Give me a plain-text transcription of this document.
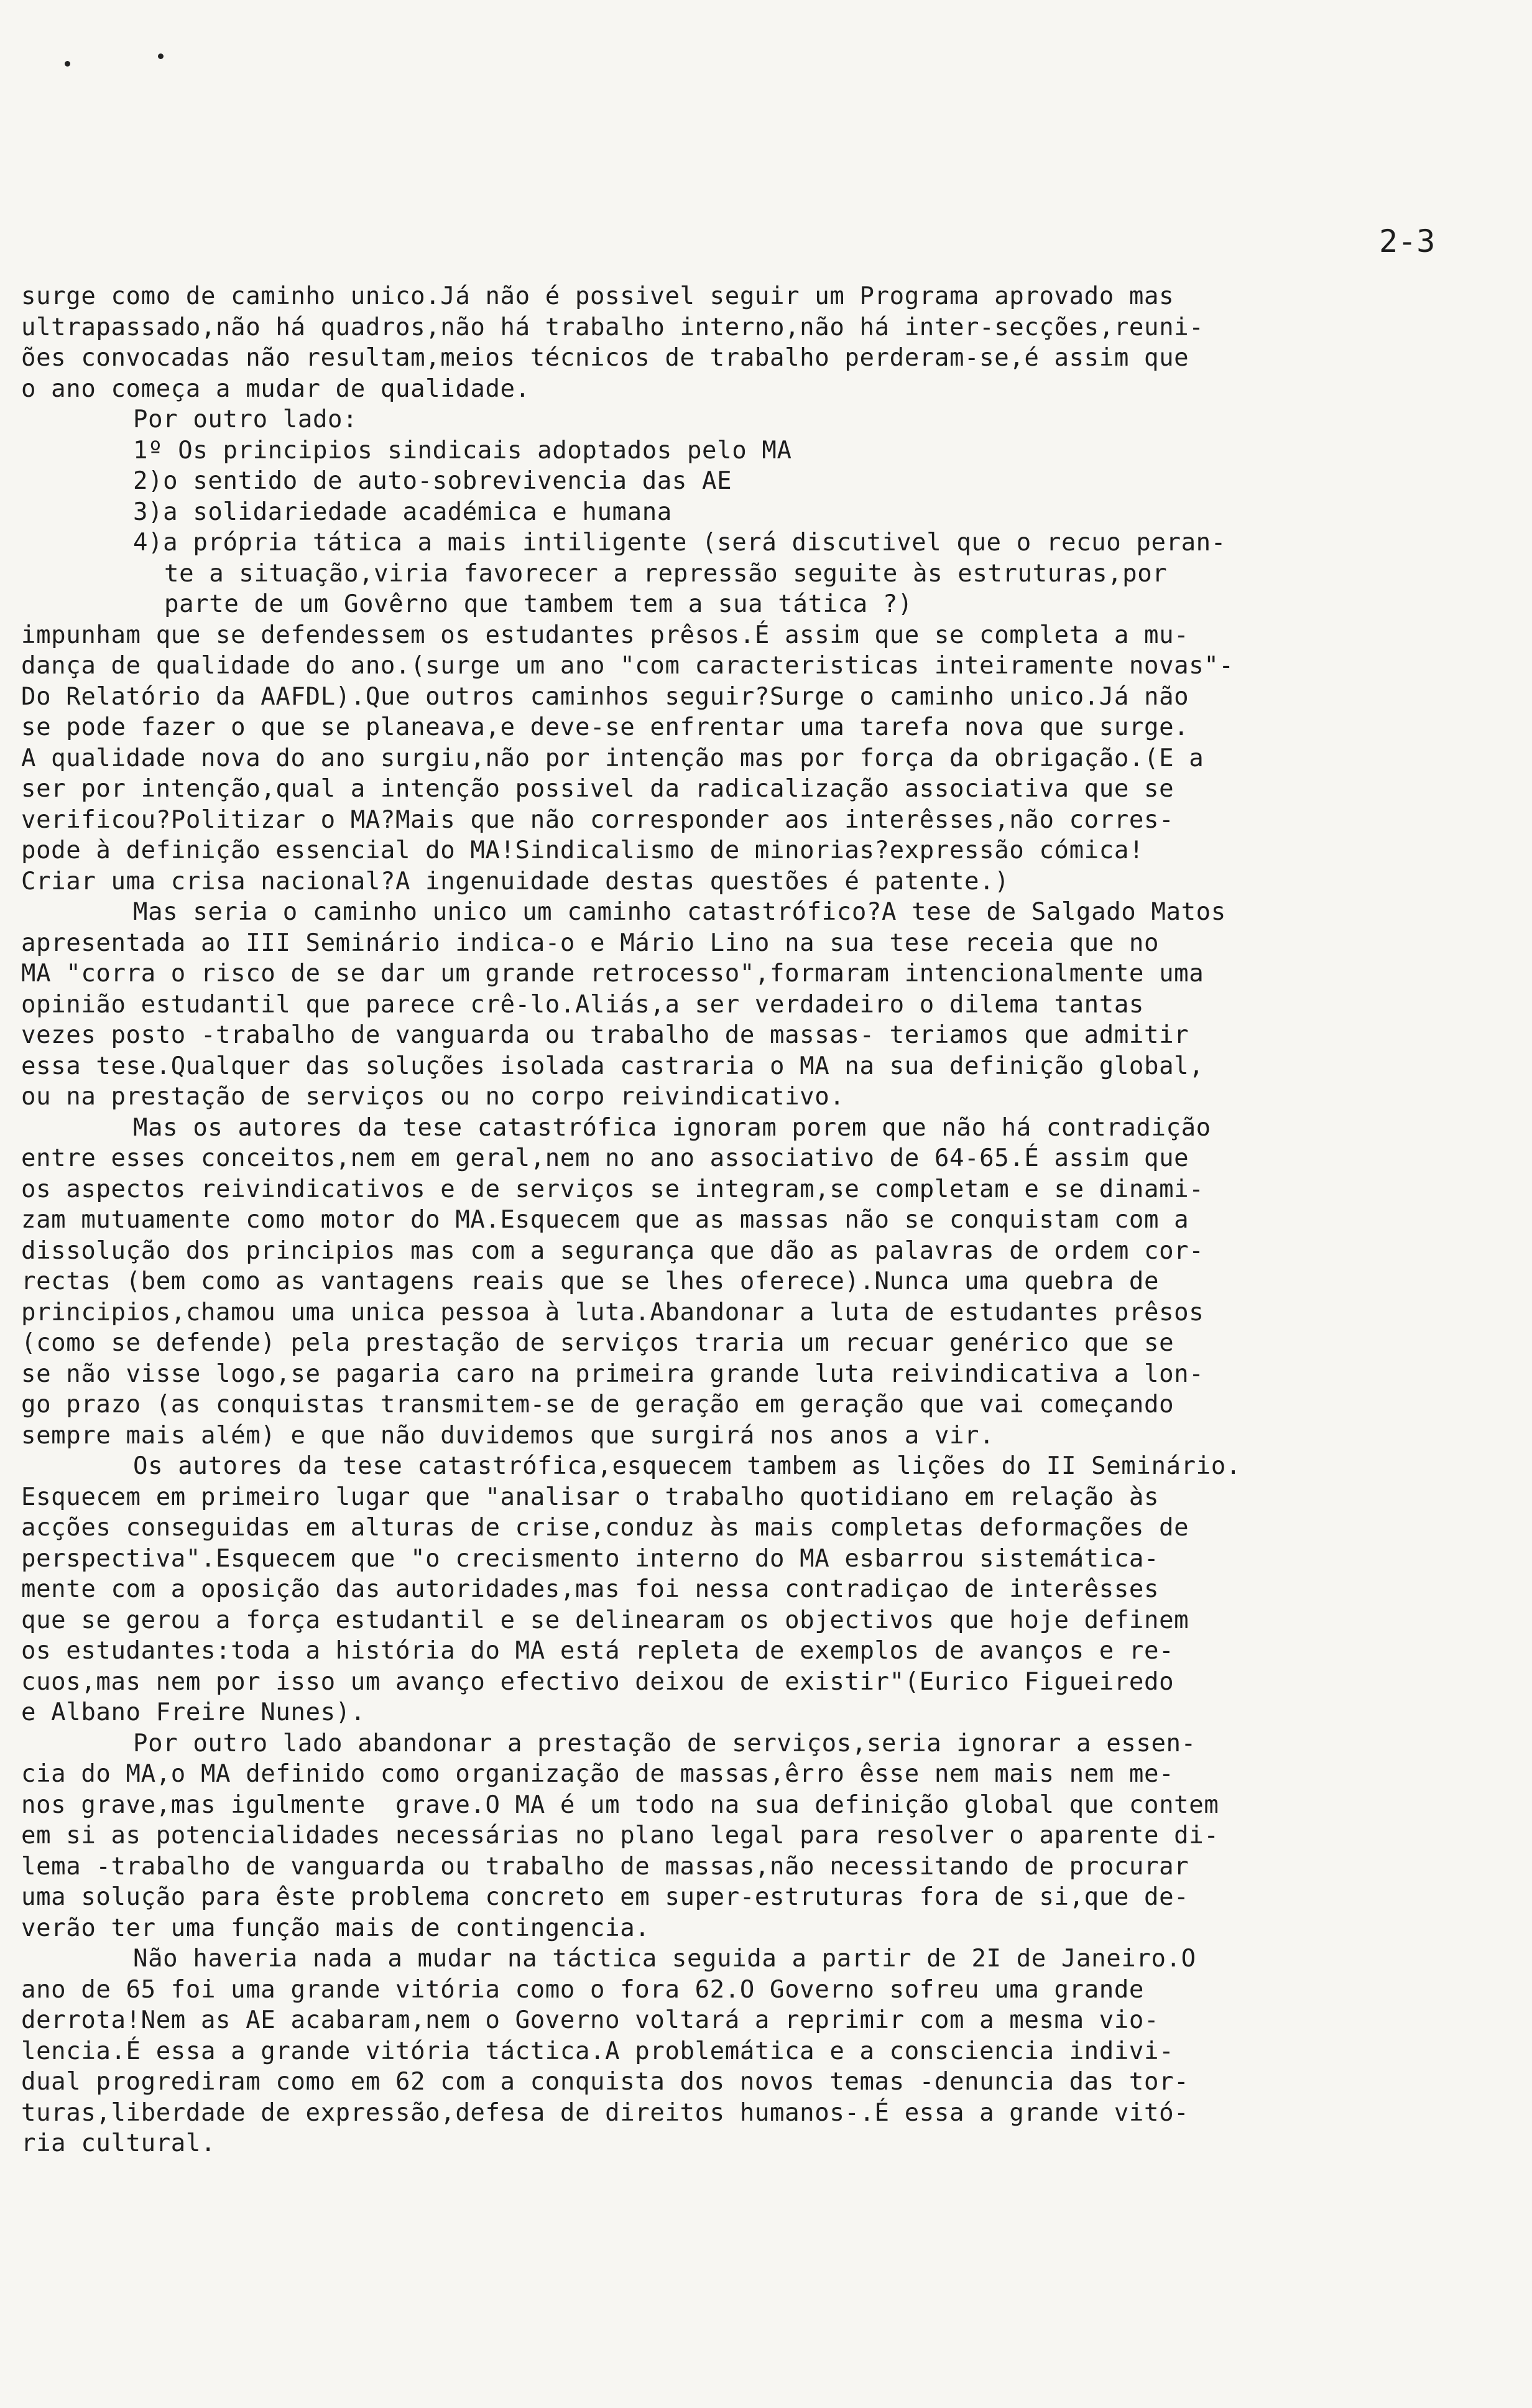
2-3
surge como de caminho unico.Já não é possivel seguir um Programa aprovado mas
ultrapassado,não há quadros,não há trabalho interno,não há inter-secções,reuni-
ões convocadas não resultam,meios técnicos de trabalho perderam-se,é assim que
o ano começa a mudar de qualidade.
Por outro lado:
1º Os principios sindicais adoptados pelo MA
2)o sentido de auto-sobrevivencia das AE
3)a solidariedade académica e humana
4)a própria tática a mais intiligente (será discutivel que o recuo peran-
te a situação,viria favorecer a repressão seguite às estruturas,por
parte de um Govêrno que tambem tem a sua tática ?)
impunham que se defendessem os estudantes prêsos.É assim que se completa a mu-
dança de qualidade do ano.(surge um ano "com caracteristicas inteiramente novas"-
Do Relatório da AAFDL).Que outros caminhos seguir?Surge o caminho unico.Já não
se pode fazer o que se planeava,e deve-se enfrentar uma tarefa nova que surge.
A qualidade nova do ano surgiu,não por intenção mas por força da obrigação.(E a
ser por intenção,qual a intenção possivel da radicalização associativa que se
verificou?Politizar o MA?Mais que não corresponder aos interêsses,não corres-
pode à definição essencial do MA!Sindicalismo de minorias?expressão cómica!
Criar uma crisa nacional?A ingenuidade destas questões é patente.)
Mas seria o caminho unico um caminho catastrófico?A tese de Salgado Matos
apresentada ao III Seminário indica-o e Mário Lino na sua tese receia que no
MA "corra o risco de se dar um grande retrocesso",formaram intencionalmente uma
opinião estudantil que parece crê-lo.Aliás,a ser verdadeiro o dilema tantas
vezes posto -trabalho de vanguarda ou trabalho de massas- teriamos que admitir
essa tese.Qualquer das soluções isolada castraria o MA na sua definição global,
ou na prestação de serviços ou no corpo reivindicativo.
Mas os autores da tese catastrófica ignoram porem que não há contradição
entre esses conceitos,nem em geral,nem no ano associativo de 64-65.É assim que
os aspectos reivindicativos e de serviços se integram,se completam e se dinami-
zam mutuamente como motor do MA.Esquecem que as massas não se conquistam com a
dissolução dos principios mas com a segurança que dão as palavras de ordem cor-
rectas (bem como as vantagens reais que se lhes oferece).Nunca uma quebra de
principios,chamou uma unica pessoa à luta.Abandonar a luta de estudantes prêsos
(como se defende) pela prestação de serviços traria um recuar genérico que se
se não visse logo,se pagaria caro na primeira grande luta reivindicativa a lon-
go prazo (as conquistas transmitem-se de geração em geração que vai começando
sempre mais além) e que não duvidemos que surgirá nos anos a vir.
Os autores da tese catastrófica,esquecem tambem as lições do II Seminário.
Esquecem em primeiro lugar que "analisar o trabalho quotidiano em relação às
acções conseguidas em alturas de crise,conduz às mais completas deformações de
perspectiva".Esquecem que "o crecismento interno do MA esbarrou sistemática-
mente com a oposição das autoridades,mas foi nessa contradiçao de interêsses
que se gerou a força estudantil e se delinearam os objectivos que hoje definem
os estudantes:toda a história do MA está repleta de exemplos de avanços e re-
cuos,mas nem por isso um avanço efectivo deixou de existir"(Eurico Figueiredo
e Albano Freire Nunes).
Por outro lado abandonar a prestação de serviços,seria ignorar a essen-
cia do MA,o MA definido como organização de massas,êrro êsse nem mais nem me-
nos grave,mas igulmente  grave.O MA é um todo na sua definição global que contem
em si as potencialidades necessárias no plano legal para resolver o aparente di-
lema -trabalho de vanguarda ou trabalho de massas,não necessitando de procurar
uma solução para êste problema concreto em super-estruturas fora de si,que de-
verão ter uma função mais de contingencia.
Não haveria nada a mudar na táctica seguida a partir de 2I de Janeiro.O
ano de 65 foi uma grande vitória como o fora 62.O Governo sofreu uma grande
derrota!Nem as AE acabaram,nem o Governo voltará a reprimir com a mesma vio-
lencia.É essa a grande vitória táctica.A problemática e a consciencia indivi-
dual progrediram como em 62 com a conquista dos novos temas -denuncia das tor-
turas,liberdade de expressão,defesa de direitos humanos-.É essa a grande vitó-
ria cultural.
